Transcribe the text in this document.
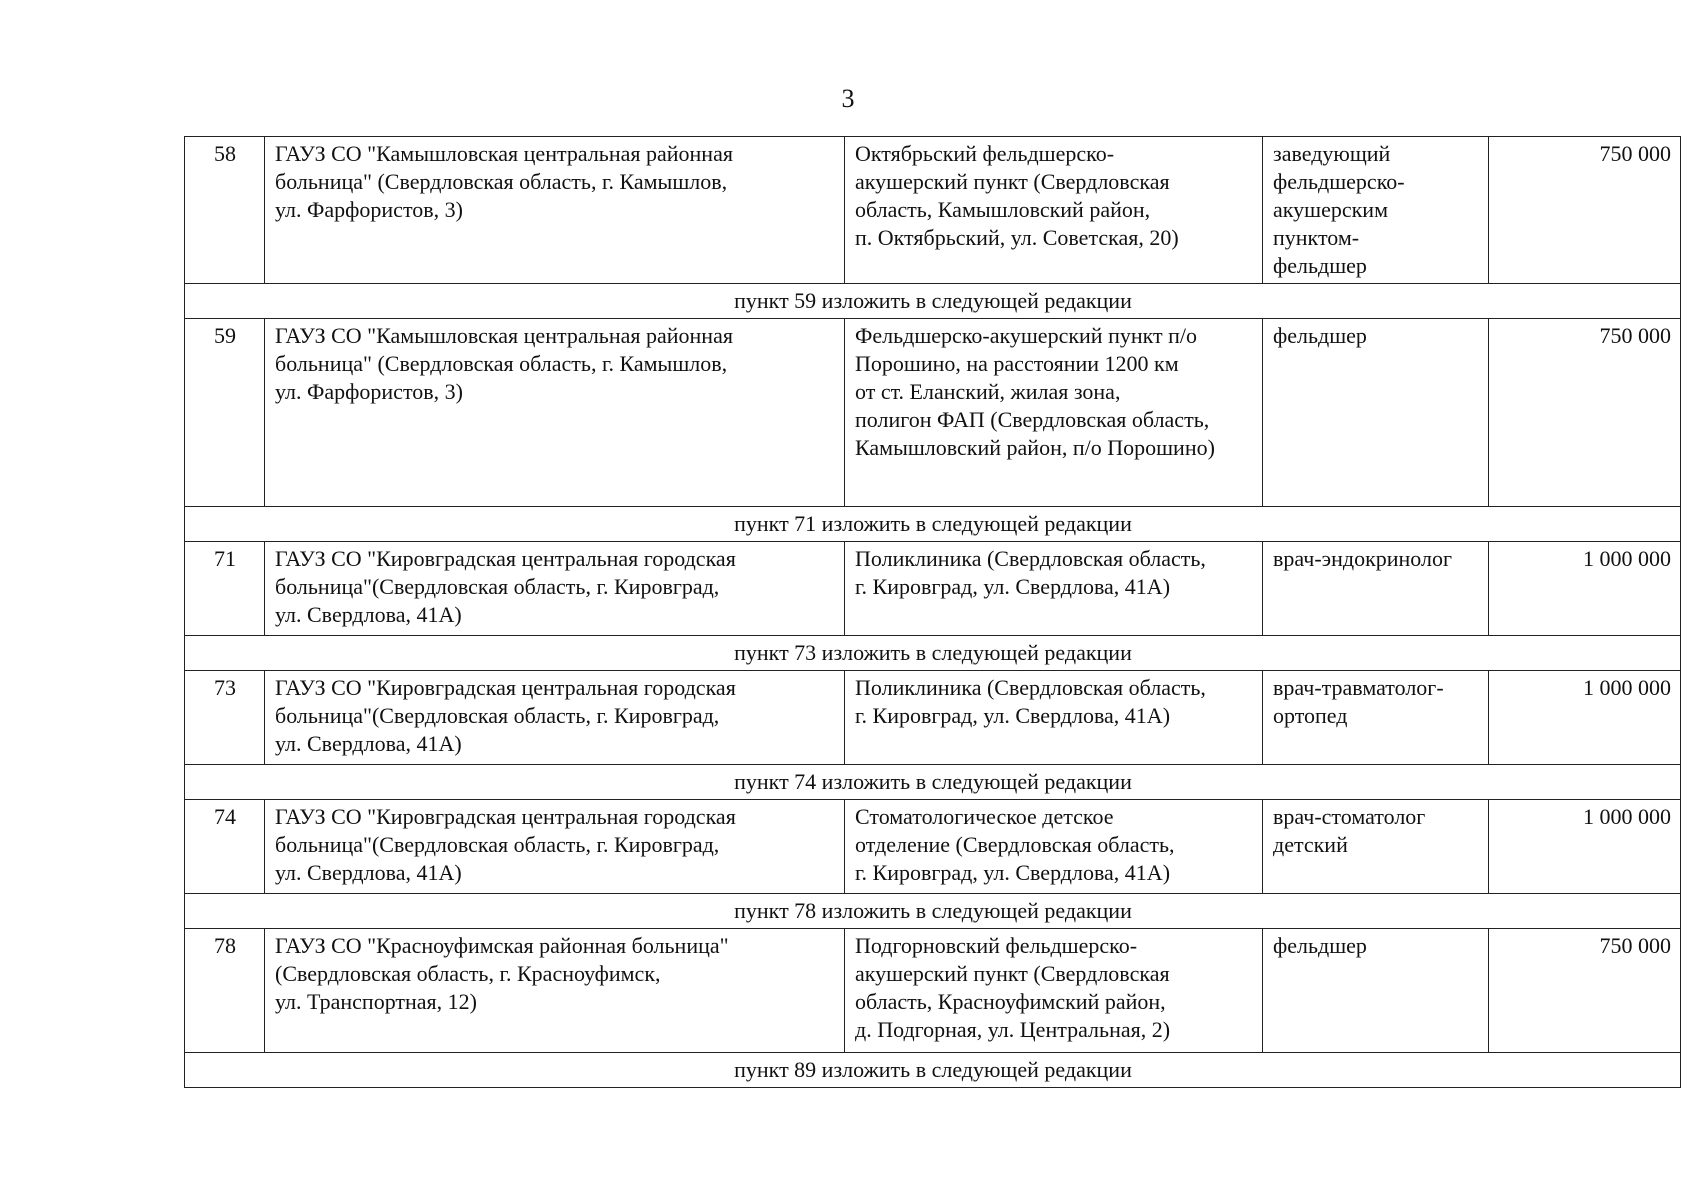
3
58	ГАУЗ СО "Камышловская центральная районная
больница" (Свердловская область, г. Камышлов,
ул. Фарфористов, 3)	Октябрьский фельдшерско-
акушерский пункт (Свердловская
область, Камышловский район,
п. Октябрьский, ул. Советская, 20)	заведующий
фельдшерско-
акушерским
пунктом-
фельдшер	750 000
пункт 59 изложить в следующей редакции				
59	ГАУЗ СО "Камышловская центральная районная
больница" (Свердловская область, г. Камышлов,
ул. Фарфористов, 3)	Фельдшерско-акушерский пункт п/о
Порошино, на расстоянии 1200 км
от ст. Еланский, жилая зона,
полигон ФАП (Свердловская область,
Камышловский район, п/о Порошино)	фельдшер	750 000
пункт 71 изложить в следующей редакции				
71	ГАУЗ СО "Кировградская центральная городская
больница"(Свердловская область, г. Кировград,
ул. Свердлова, 41А)	Поликлиника (Свердловская область,
г. Кировград, ул. Свердлова, 41А)	врач-эндокринолог	1 000 000
пункт 73 изложить в следующей редакции				
73	ГАУЗ СО "Кировградская центральная городская
больница"(Свердловская область, г. Кировград,
ул. Свердлова, 41А)	Поликлиника (Свердловская область,
г. Кировград, ул. Свердлова, 41А)	врач-травматолог-
ортопед	1 000 000
пункт 74 изложить в следующей редакции				
74	ГАУЗ СО "Кировградская центральная городская
больница"(Свердловская область, г. Кировград,
ул. Свердлова, 41А)	Стоматологическое детское
отделение (Свердловская область,
г. Кировград, ул. Свердлова, 41А)	врач-стоматолог
детский	1 000 000
пункт 78 изложить в следующей редакции				
78	ГАУЗ СО "Красноуфимская районная больница"
(Свердловская область, г. Красноуфимск,
ул. Транспортная, 12)	Подгорновский фельдшерско-
акушерский пункт (Свердловская
область, Красноуфимский район,
д. Подгорная, ул. Центральная, 2)	фельдшер	750 000
пункт 89 изложить в следующей редакции				
